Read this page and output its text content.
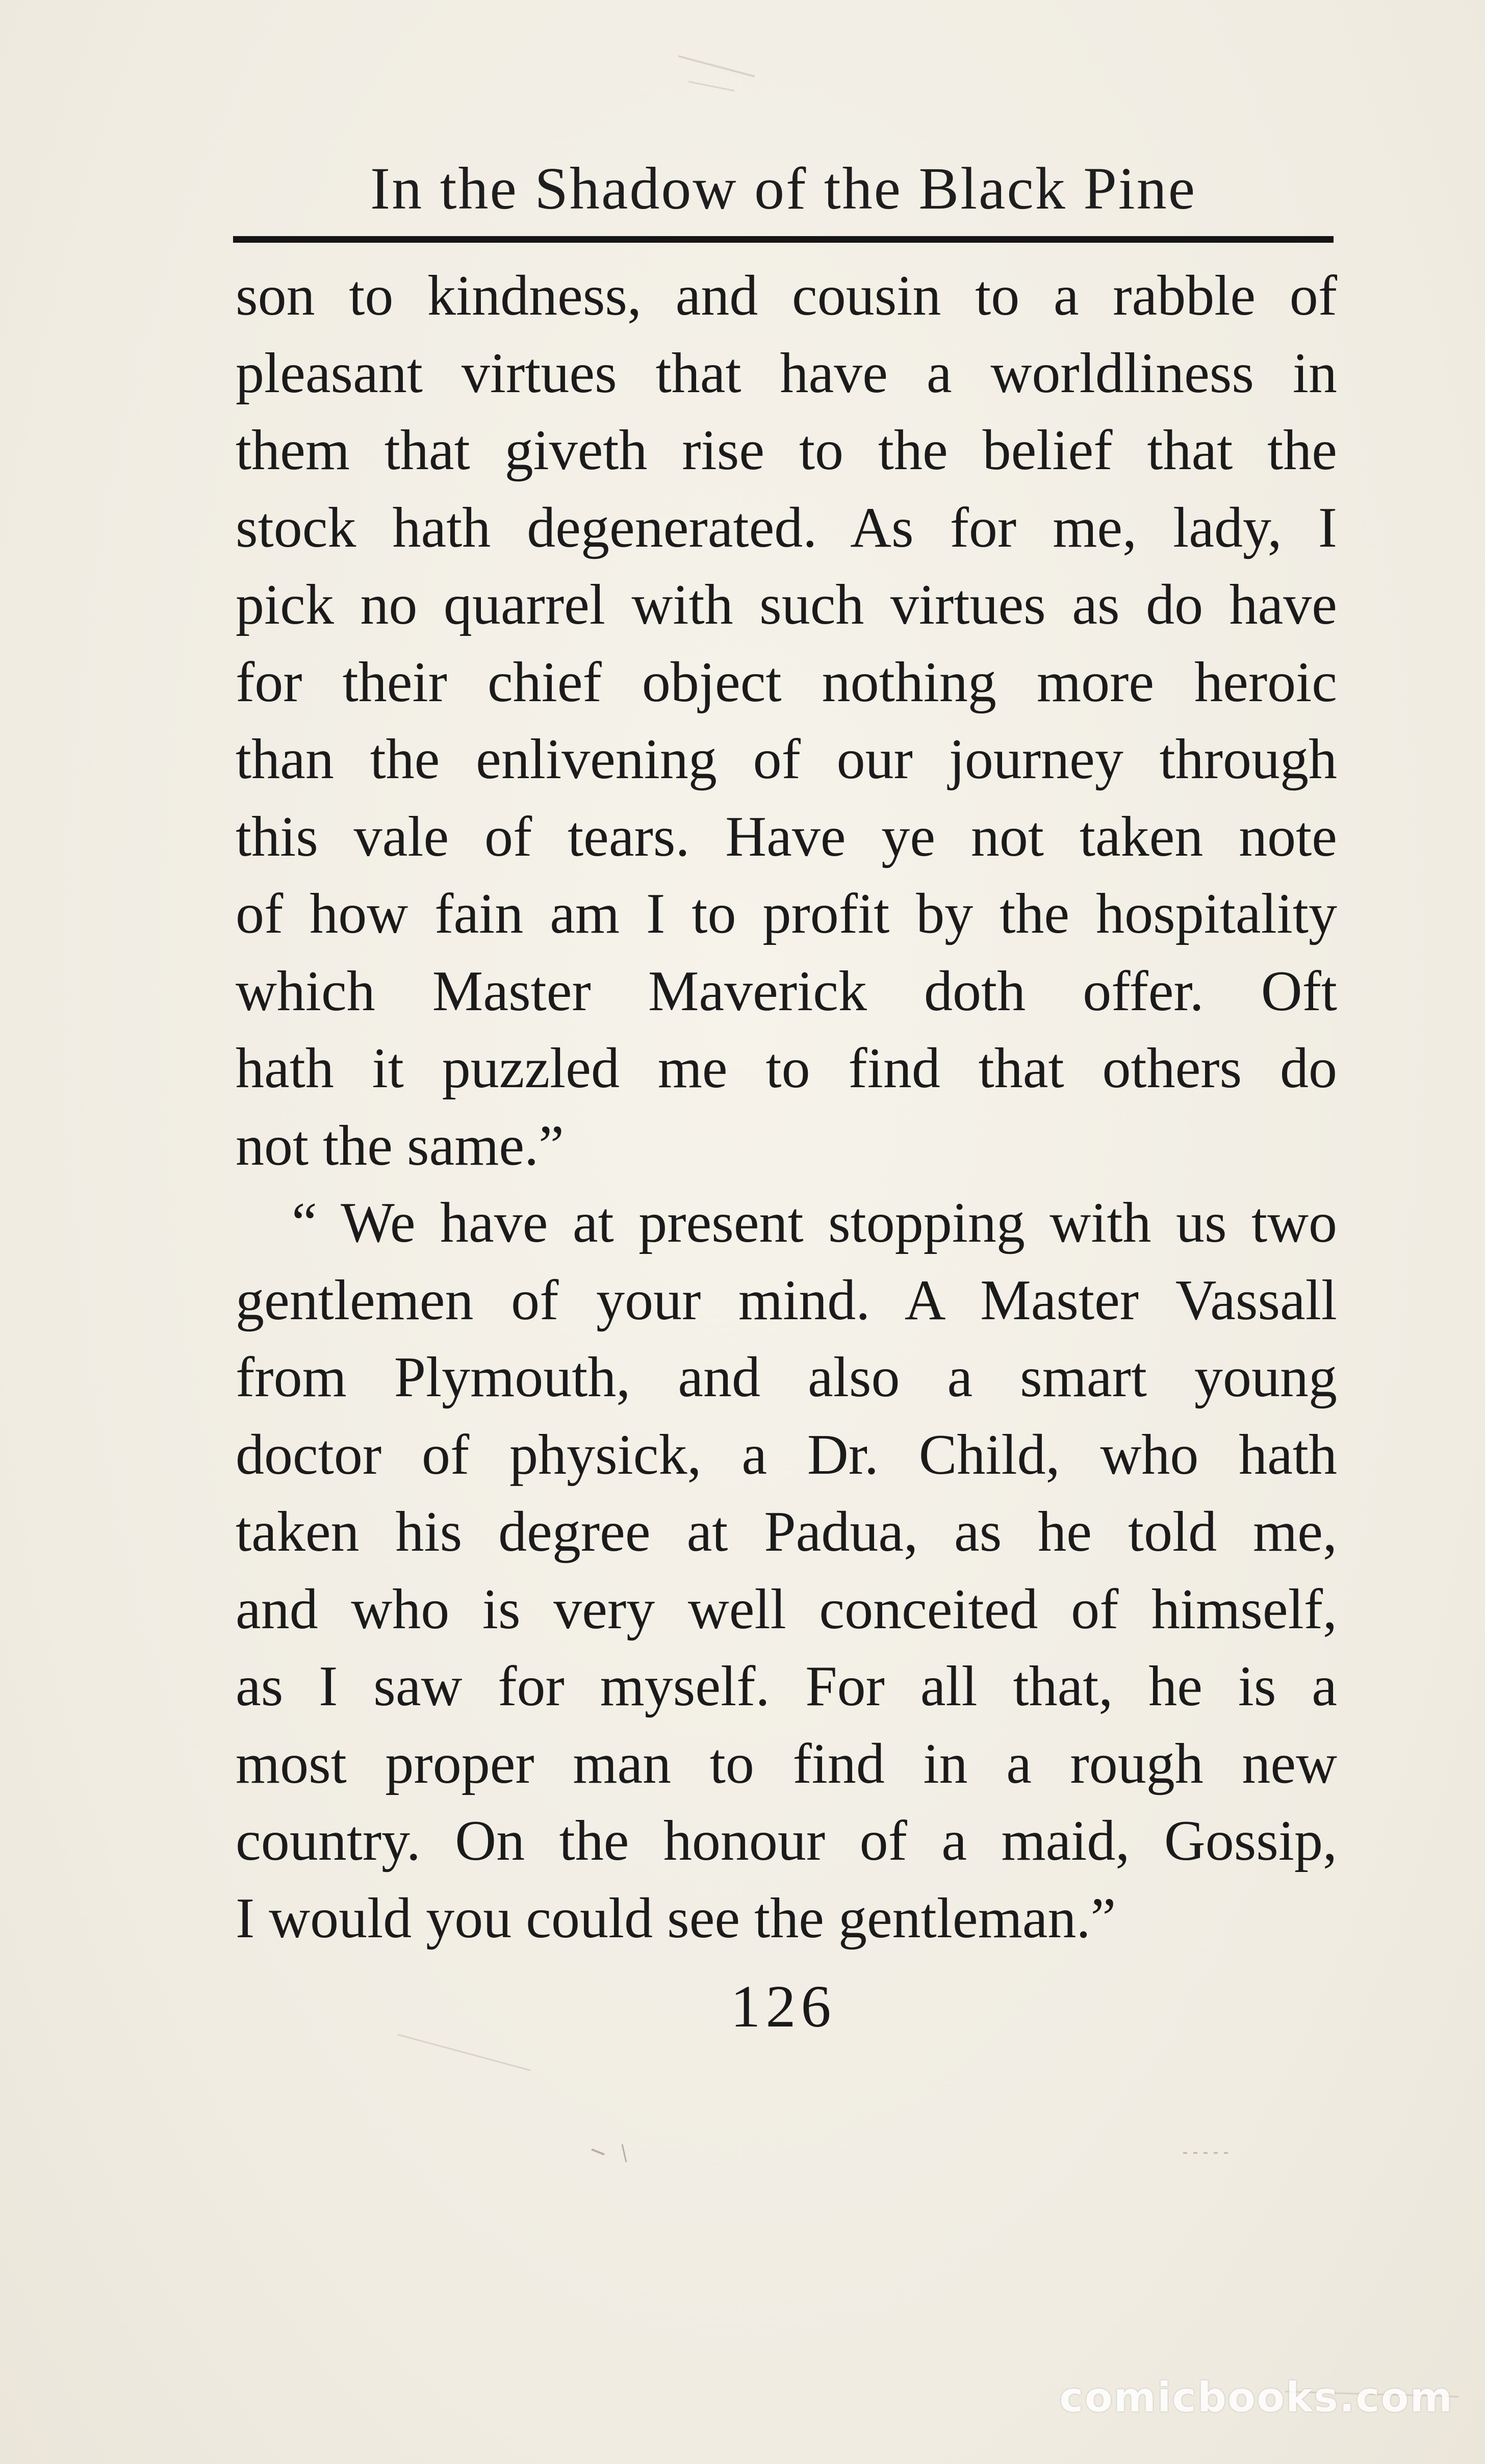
In the Shadow of the Black Pine
son to kindness, and cousin to a rabble of
pleasant virtues that have a worldliness in
them that giveth rise to the belief that the
stock hath degenerated. As for me, lady, I
pick no quarrel with such virtues as do have
for their chief object nothing more heroic
than the enlivening of our journey through
this vale of tears. Have ye not taken note
of how fain am I to profit by the hospitality
which Master Maverick doth offer. Oft
hath it puzzled me to find that others do
not the same.”
“ We have at present stopping with us two
gentlemen of your mind. A Master Vassall
from Plymouth, and also a smart young
doctor of physick, a Dr. Child, who hath
taken his degree at Padua, as he told me,
and who is very well conceited of himself,
as I saw for myself. For all that, he is a
most proper man to find in a rough new
country. On the honour of a maid, Gossip,
I would you could see the gentleman.”
126
comicbooks.com
